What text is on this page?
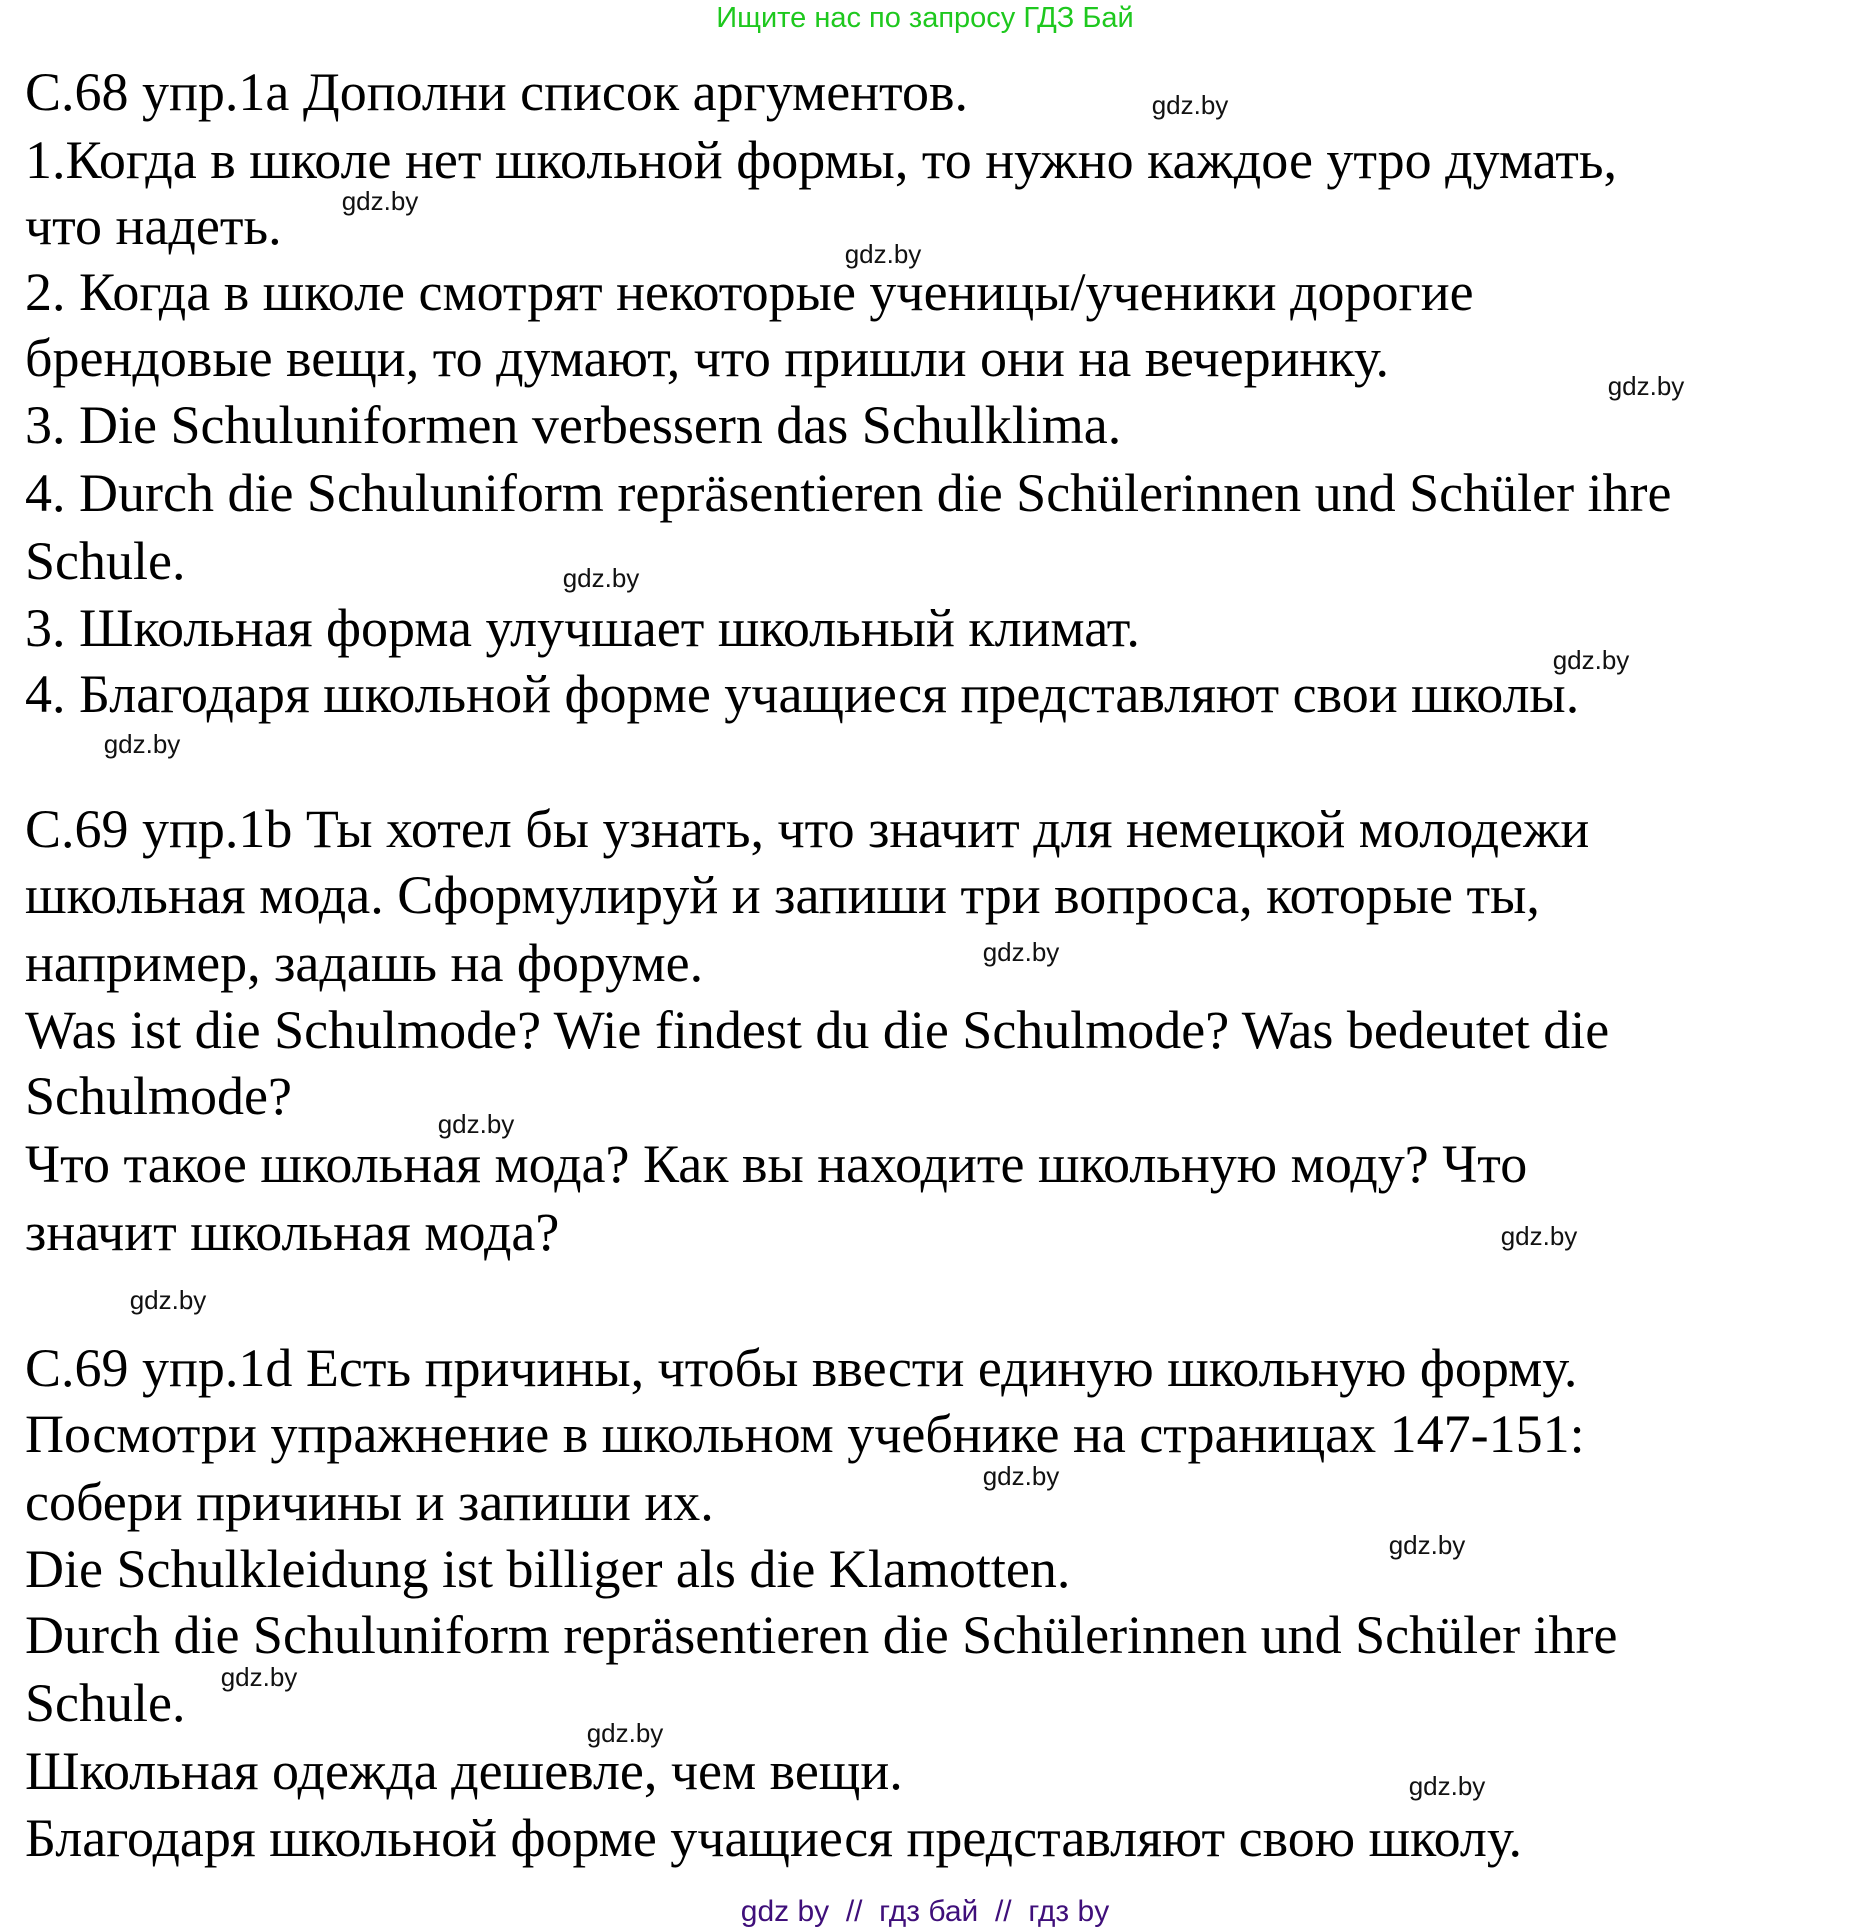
Ищите нас по запросу ГДЗ Бай
С.68 упр.1а Дополни список аргументов.
1.Когда в школе нет школьной формы, то нужно каждое утро думать,
что надеть.
2. Когда в школе смотрят некоторые ученицы/ученики дорогие
брендовые вещи, то думают, что пришли они на вечеринку.
3. Die Schuluniformen verbessern das Schulklima.
4. Durch die Schuluniform repräsentieren die Schülerinnen und Schüler ihre
Schule.
3. Школьная форма улучшает школьный климат.
4. Благодаря школьной форме учащиеся представляют свои школы.
С.69 упр.1b Ты хотел бы узнать, что значит для немецкой молодежи
школьная мода. Сформулируй и запиши три вопроса, которые ты,
например, задашь на форуме.
Was ist die Schulmode? Wie findest du die Schulmode? Was bedeutet die
Schulmode?
Что такое школьная мода? Как вы находите школьную моду? Что
значит школьная мода?
С.69 упр.1d Есть причины, чтобы ввести единую школьную форму.
Посмотри упражнение в школьном учебнике на страницах 147-151:
собери причины и запиши их.
Die Schulkleidung ist billiger als die Klamotten.
Durch die Schuluniform repräsentieren die Schülerinnen und Schüler ihre
Schule.
Школьная одежда дешевле, чем вещи.
Благодаря школьной форме учащиеся представляют свою школу.
gdz.by
gdz.by
gdz.by
gdz.by
gdz.by
gdz.by
gdz.by
gdz.by
gdz.by
gdz.by
gdz.by
gdz.by
gdz.by
gdz.by
gdz.by
gdz.by
gdz by  //  гдз бай  //  гдз by
